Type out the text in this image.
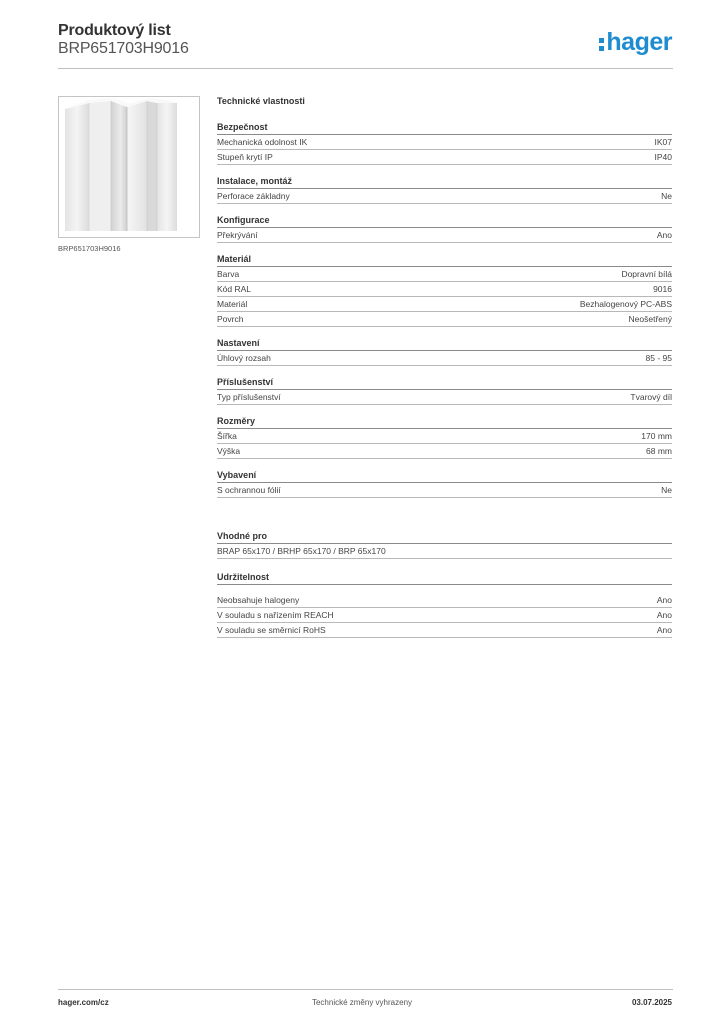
Produktový list
BRP651703H9016	hager
BRP651703H9016
Technické vlastnosti
Bezpečnost
Mechanická odolnost IK	IK07
Stupeň krytí IP	IP40
Instalace, montáž
Perforace základny	Ne
Konfigurace
Překrývání	Ano
Materiál
Barva	Dopravní bílá
Kód RAL	9016
Materiál	Bezhalogenový PC-ABS
Povrch	Neošetřený
Nastavení
Úhlový rozsah	85 - 95
Příslušenství
Typ příslušenství	Tvarový díl
Rozměry
Šířka	170 mm
Výška	68 mm
Vybavení
S ochrannou fólií	Ne
Vhodné pro
BRAP 65x170 / BRHP 65x170 / BRP 65x170
Udržitelnost
Neobsahuje halogeny	Ano
V souladu s nařízením REACH	Ano
V souladu se směrnicí RoHS	Ano
hager.com/cz	Technické změny vyhrazeny	03.07.2025
